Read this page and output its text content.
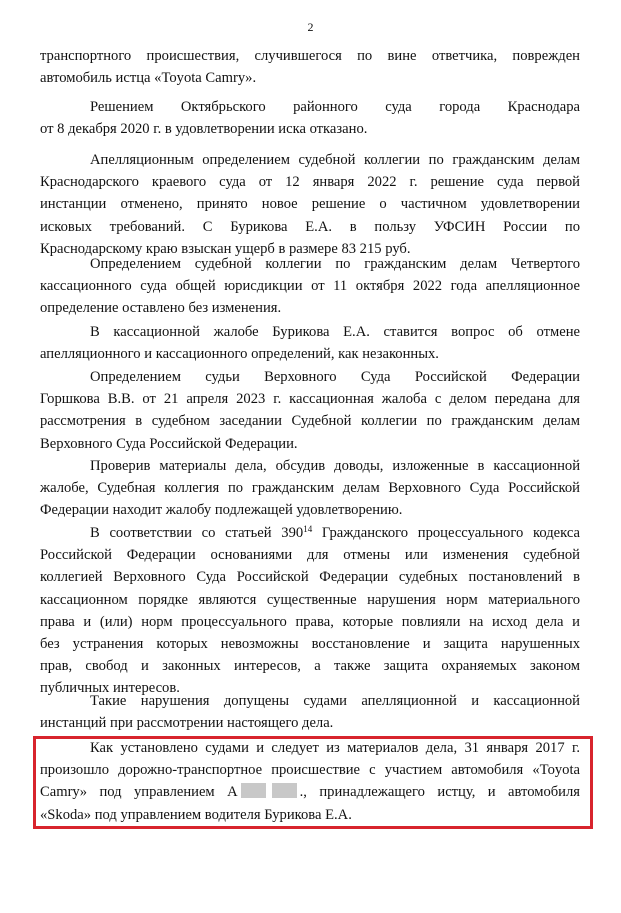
2
транспортного происшествия, случившегося по вине ответчика, поврежден
автомобиль истца «Toyota Camry».
Решением Октябрьского районного суда города Краснодара
от 8 декабря 2020 г. в удовлетворении иска отказано.
Апелляционным определением судебной коллегии по гражданским делам
Краснодарского краевого суда от 12 января 2022 г. решение суда первой
инстанции отменено, принято новое решение о частичном удовлетворении
исковых требований. С Бурикова Е.А. в пользу УФСИН России по
Краснодарскому краю взыскан ущерб в размере 83 215 руб.
Определением судебной коллегии по гражданским делам Четвертого
кассационного суда общей юрисдикции от 11 октября 2022 года апелляционное
определение оставлено без изменения.
В кассационной жалобе Бурикова Е.А. ставится вопрос об отмене
апелляционного и кассационного определений, как незаконных.
Определением судьи Верховного Суда Российской Федерации
Горшкова В.В. от 21 апреля 2023 г. кассационная жалоба с делом передана для
рассмотрения в судебном заседании Судебной коллегии по гражданским делам
Верховного Суда Российской Федерации.
Проверив материалы дела, обсудив доводы, изложенные в кассационной
жалобе, Судебная коллегия по гражданским делам Верховного Суда Российской
Федерации находит жалобу подлежащей удовлетворению.
В соответствии со статьей $390^{14}$ Гражданского процессуального кодекса
Российской Федерации основаниями для отмены или изменения судебной
коллегией Верховного Суда Российской Федерации судебных постановлений в
кассационном порядке являются существенные нарушения норм материального
права и (или) норм процессуального права, которые повлияли на исход дела и
без устранения которых невозможны восстановление и защита нарушенных
прав, свобод и законных интересов, а также защита охраняемых законом
публичных интересов.
Такие нарушения допущены судами апелляционной и кассационной
инстанций при рассмотрении настоящего дела.
Как установлено судами и следует из материалов дела, 31 января 2017 г.
произошло дорожно-транспортное происшествие с участием автомобиля «Toyota
Camry» под управлением А	., принадлежащего истцу, и автомобиля
«Skoda» под управлением водителя Бурикова Е.А.
